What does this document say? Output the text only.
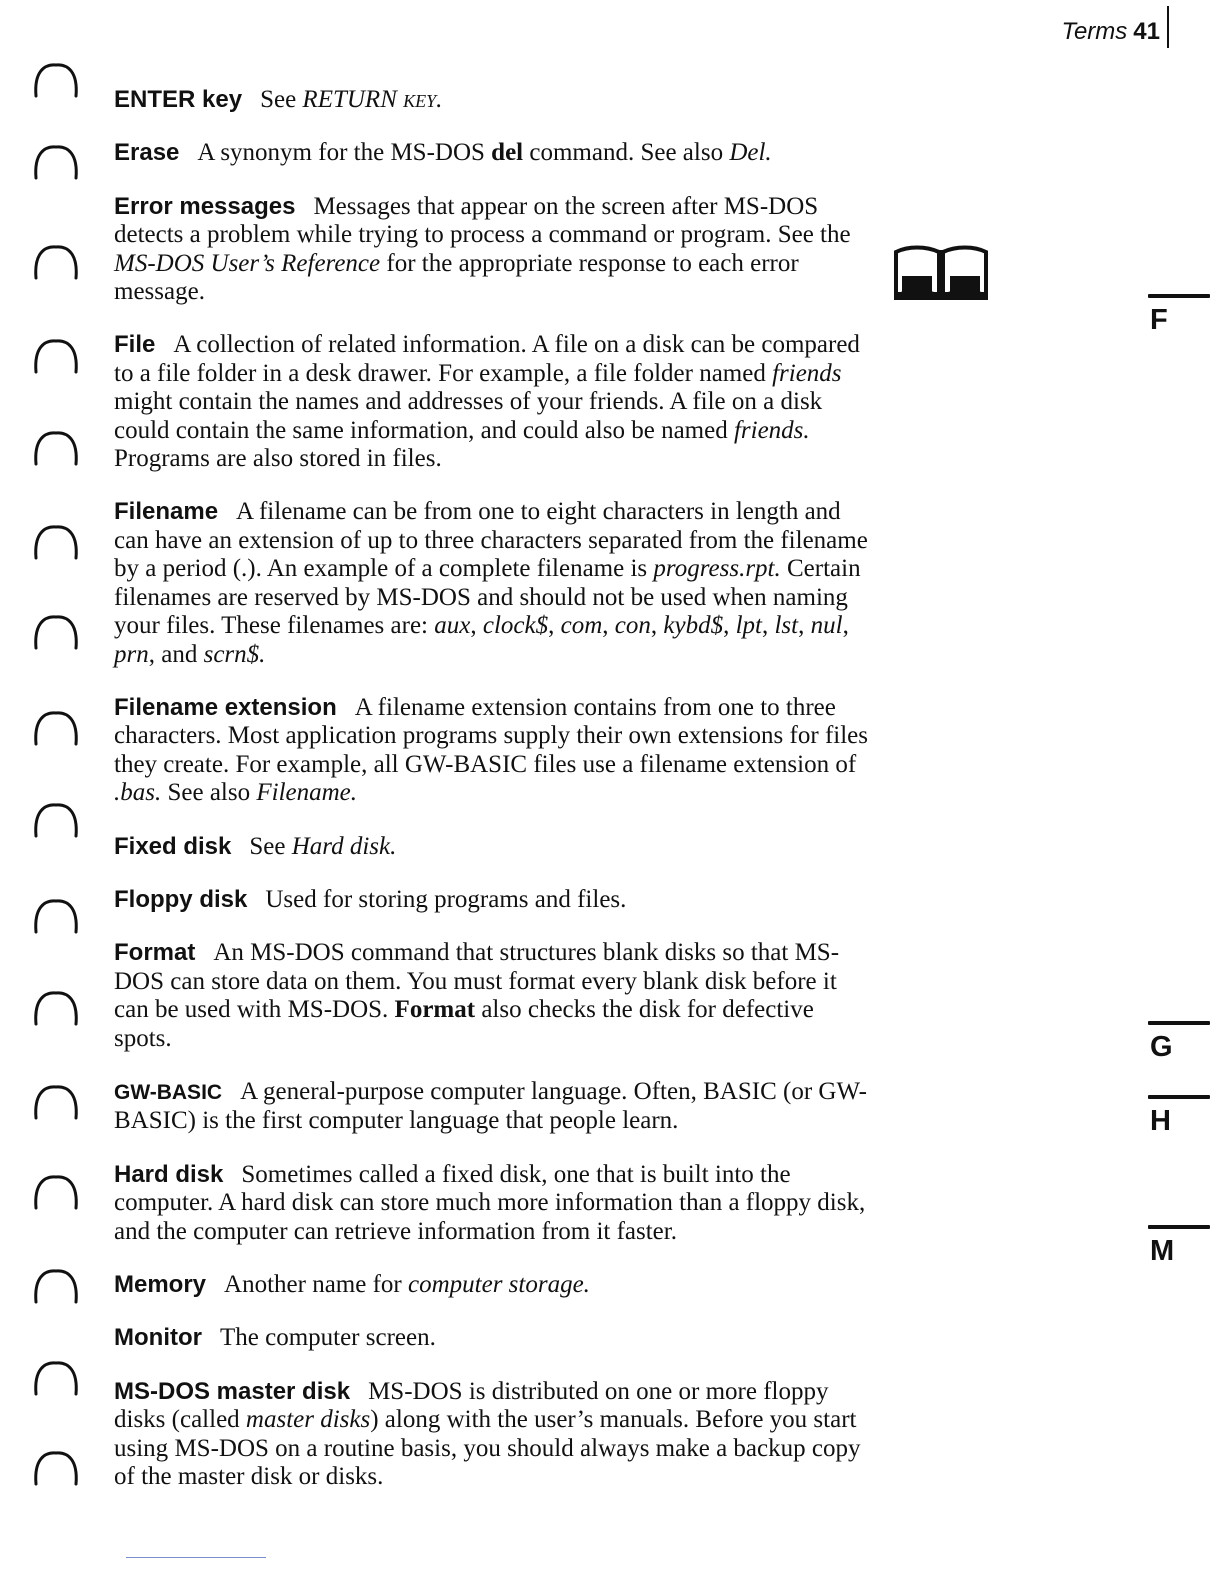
Terms 41

ENTER key See RETURN key.

Erase A synonym for the MS-DOS del command. See also Del.

Error messages Messages that appear on the screen after MS-DOS detects a problem while trying to process a command or program. See the MS-DOS User’s Reference for the appropriate response to each error message.

File A collection of related information. A file on a disk can be compared to a file folder in a desk drawer. For example, a file folder named friends might contain the names and addresses of your friends. A file on a disk could contain the same information, and could also be named friends. Programs are also stored in files.

Filename A filename can be from one to eight characters in length and can have an extension of up to three characters separated from the filename by a period (.). An example of a complete filename is progress.rpt. Certain filenames are reserved by MS-DOS and should not be used when naming your files. These filenames are: aux, clock$, com, con, kybd$, lpt, lst, nul, prn, and scrn$.

Filename extension A filename extension contains from one to three characters. Most application programs supply their own extensions for files they create. For example, all GW-BASIC files use a filename extension of .bas. See also Filename.

Fixed disk See Hard disk.

Floppy disk Used for storing programs and files.

Format An MS-DOS command that structures blank disks so that MS-DOS can store data on them. You must format every blank disk before it can be used with MS-DOS. Format also checks the disk for defective spots.

GW-BASIC A general-purpose computer language. Often, BASIC (or GW-BASIC) is the first computer language that people learn.

Hard disk Sometimes called a fixed disk, one that is built into the computer. A hard disk can store much more information than a floppy disk, and the computer can retrieve information from it faster.

Memory Another name for computer storage.

Monitor The computer screen.

MS-DOS master disk MS-DOS is distributed on one or more floppy disks (called master disks) along with the user’s manuals. Before you start using MS-DOS on a routine basis, you should always make a backup copy of the master disk or disks.

F
G
H
M
